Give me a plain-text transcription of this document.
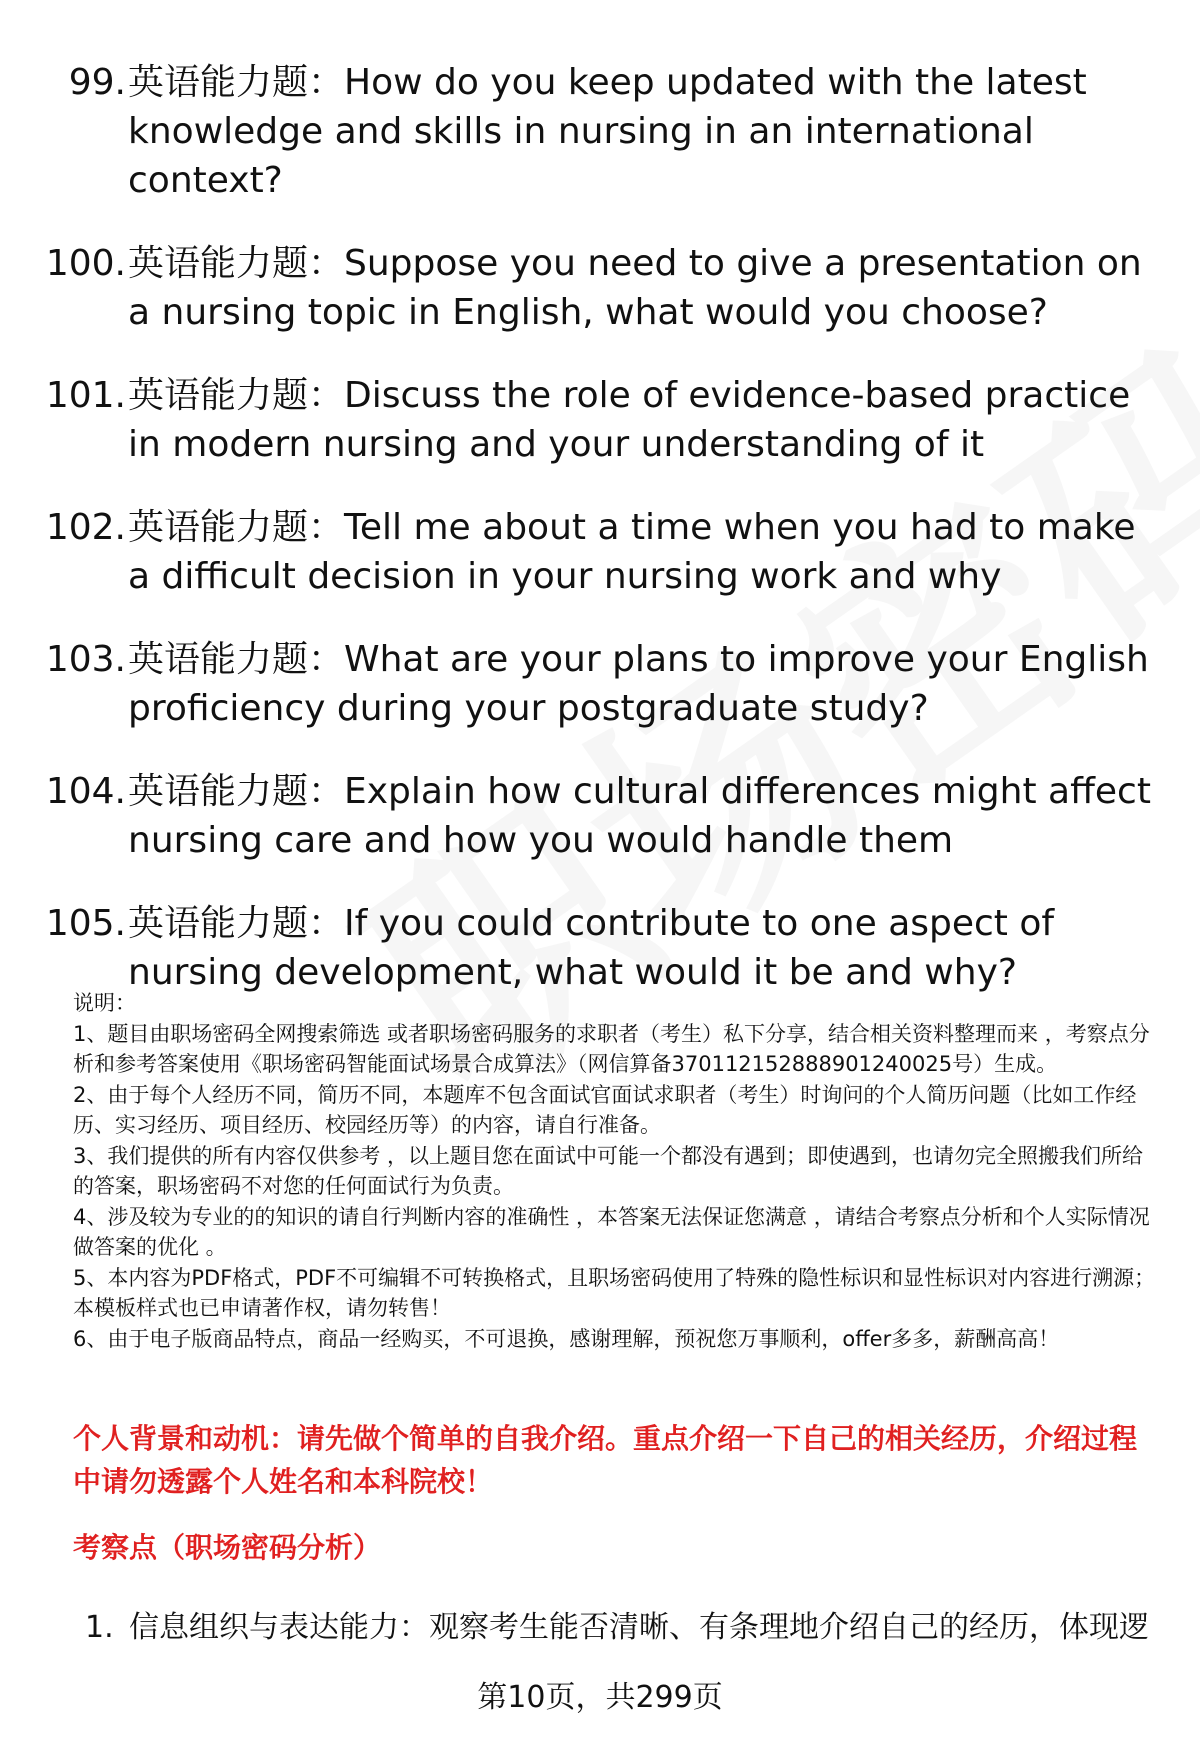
99. 英语能力题：How do you keep updated with the latest knowledge and skills in nursing in an international context?
100. 英语能力题：Suppose you need to give a presentation on a nursing topic in English, what would you choose?
101. 英语能力题：Discuss the role of evidence-based practice in modern nursing and your understanding of it
102. 英语能力题：Tell me about a time when you had to make a difficult decision in your nursing work and why
103. 英语能力题：What are your plans to improve your English proficiency during your postgraduate study?
104. 英语能力题：Explain how cultural differences might affect nursing care and how you would handle them
105. 英语能力题：If you could contribute to one aspect of nursing development, what would it be and why?

说明：

1、题目由职场密码全网搜索筛选 或者职场密码服务的求职者（考生）私下分享，结合相关资料整理而来 ，考察点分析和参考答案使用《职场密码智能面试场景合成算法》（网信算备370112152888901240025号）生成。

2、由于每个人经历不同，简历不同，本题库不包含面试官面试求职者（考生）时询问的个人简历问题（比如工作经历、实习经历、项目经历、校园经历等）的内容，请自行准备。

3、我们提供的所有内容仅供参考 ，以上题目您在面试中可能一个都没有遇到；即使遇到，也请勿完全照搬我们所给的答案，职场密码不对您的任何面试行为负责。

4、涉及较为专业的的知识的请自行判断内容的准确性 ，本答案无法保证您满意 ，请结合考察点分析和个人实际情况做答案的优化 。

5、本内容为PDF格式，PDF不可编辑不可转换格式，且职场密码使用了特殊的隐性标识和显性标识对内容进行溯源；本模板样式也已申请著作权，请勿转售！

6、由于电子版商品特点，商品一经购买，不可退换，感谢理解，预祝您万事顺利，offer多多，薪酬高高！

个人背景和动机：请先做个简单的自我介绍。重点介绍一下自己的相关经历，介绍过程中请勿透露个人姓名和本科院校！
考察点（职场密码分析）
1. 信息组织与表达能力：观察考生能否清晰、有条理地介绍自己的经历，体现逻
第10页，共299页
